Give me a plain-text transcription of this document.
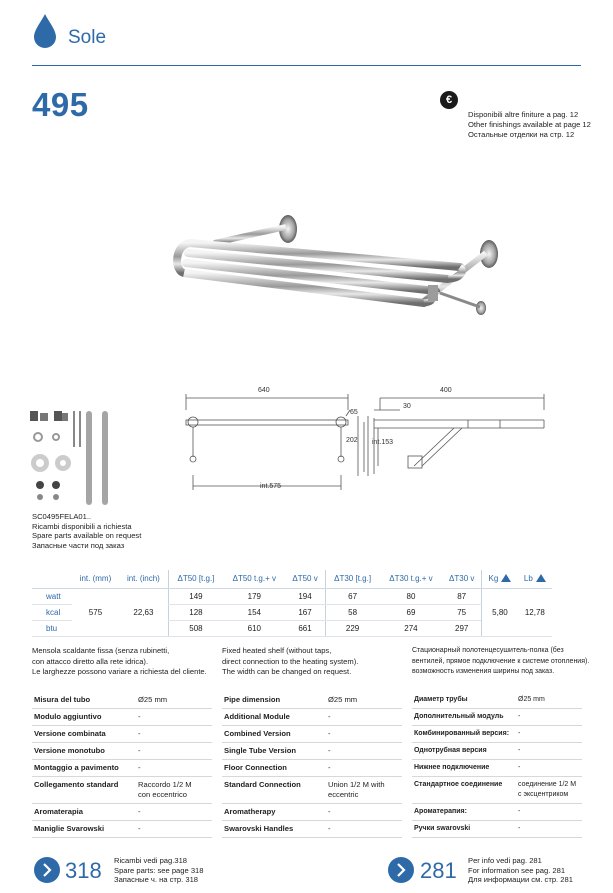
Sole
495	€
Disponibili altre finiture a pag. 12
Other finishings available at page 12
Остальные отделки на стр. 12
640
65
int.575
202 int.153
400
30
SC0495FELA01..
Ricambi disponibili a richiesta
Spare parts available on request
Запасные части под заказ
	int. (mm)	int. (inch)	ΔT50 [t.g.]	ΔT50 t.g.+ v	ΔT50 v	ΔT30 [t.g.]	ΔT30 t.g.+ v	ΔT30 v	Kg	Lb
watt	575	22,63	149	179	194	67	80	87	5,80	12,78
kcal			128	154	167	58	69	75		
btu			508	610	661	229	274	297		

Mensola scaldante fissa (senza rubinetti,

con attacco diretto alla rete idrica).

Le larghezze possono variare a richiesta del cliente.

Fixed heated shelf (without taps,

direct connection to the heating system).

The width can be changed on request.

Стационарный полотенцесушитель-полка (без

вентилей, прямое подключение к системе отопления).

возможность изменения ширины под заказ.

Misura del tubo	Ø25 mm
Modulo aggiuntivo	-
Versione combinata	-
Versione monotubo	-
Montaggio a pavimento	-
Collegamento standard	Raccordo 1/2 M
con eccentrico

Aromaterapia	-
Maniglie Svarowski	-
Pipe dimension	Ø25 mm
Additional Module	-
Combined Version	-
Single Tube Version	-
Floor Connection	-
Standard Connection	Union 1/2 M with
eccentric

Aromatherapy	-
Swarovski Handles	-
Диаметр трубы	Ø25 mm
Дополнительный модуль	-
Комбинированный версия:	-
Однотрубная версия	-
Нижнее подключение	-
Стандартное соединение	соединение 1/2 M
с эксцентриком

Ароматерапия:	-
Ручки swarovski	-
318 Ricambi vedi pag.318
Spare parts: see page 318
Запасные ч. на стр. 318	281 Per info vedi pag. 281
For information see pag. 281
Для информации см. стр. 281
